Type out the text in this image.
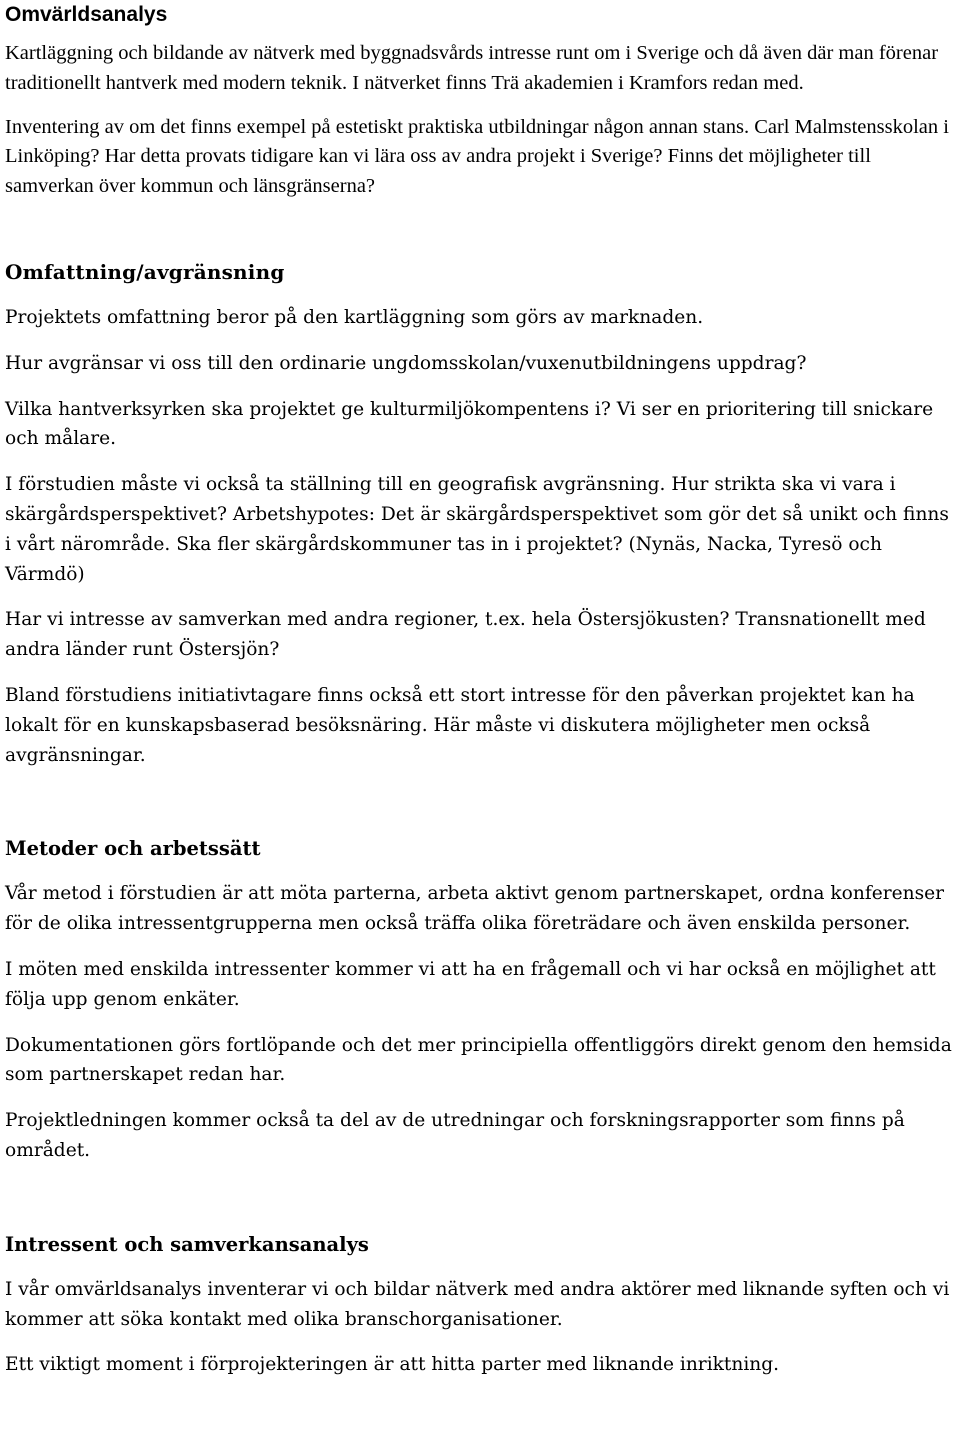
Omvärldsanalys

Kartläggning och bildande av nätverk med byggnadsvårds intresse runt om i Sverige och då även där man förenar traditionellt hantverk med modern teknik. I nätverket finns Trä akademien i Kramfors redan med.

Inventering av om det finns exempel på estetiskt praktiska utbildningar någon annan stans. Carl Malmstensskolan i Linköping? Har detta provats tidigare kan vi lära oss av andra projekt i Sverige? Finns det möjligheter till samverkan över kommun och länsgränserna?

Omfattning/avgränsning

Projektets omfattning beror på den kartläggning som görs av marknaden.

Hur avgränsar vi oss till den ordinarie ungdomsskolan/vuxenutbildningens uppdrag?

Vilka hantverksyrken ska projektet ge kulturmiljökompentens i? Vi ser en prioritering till snickare och målare.

I förstudien måste vi också ta ställning till en geografisk avgränsning. Hur strikta ska vi vara i skärgårdsperspektivet? Arbetshypotes: Det är skärgårdsperspektivet som gör det så unikt och finns i vårt närområde. Ska fler skärgårdskommuner tas in i projektet? (Nynäs, Nacka, Tyresö och Värmdö)

Har vi intresse av samverkan med andra regioner, t.ex. hela Östersjökusten? Transnationellt med andra länder runt Östersjön?

Bland förstudiens initiativtagare finns också ett stort intresse för den påverkan projektet kan ha lokalt för en kunskapsbaserad besöksnäring. Här måste vi diskutera möjligheter men också avgränsningar.

Metoder och arbetssätt

Vår metod i förstudien är att möta parterna, arbeta aktivt genom partnerskapet, ordna konferenser för de olika intressentgrupperna men också träffa olika företrädare och även enskilda personer.

I möten med enskilda intressenter kommer vi att ha en frågemall och vi har också en möjlighet att följa upp genom enkäter.

Dokumentationen görs fortlöpande och det mer principiella offentliggörs direkt genom den hemsida som partnerskapet redan har.

Projektledningen kommer också ta del av de utredningar och forskningsrapporter som finns på området.

Intressent och samverkansanalys

I vår omvärldsanalys inventerar vi och bildar nätverk med andra aktörer med liknande syften och vi kommer att söka kontakt med olika branschorganisationer.

Ett viktigt moment i förprojekteringen är att hitta parter med liknande inriktning.
